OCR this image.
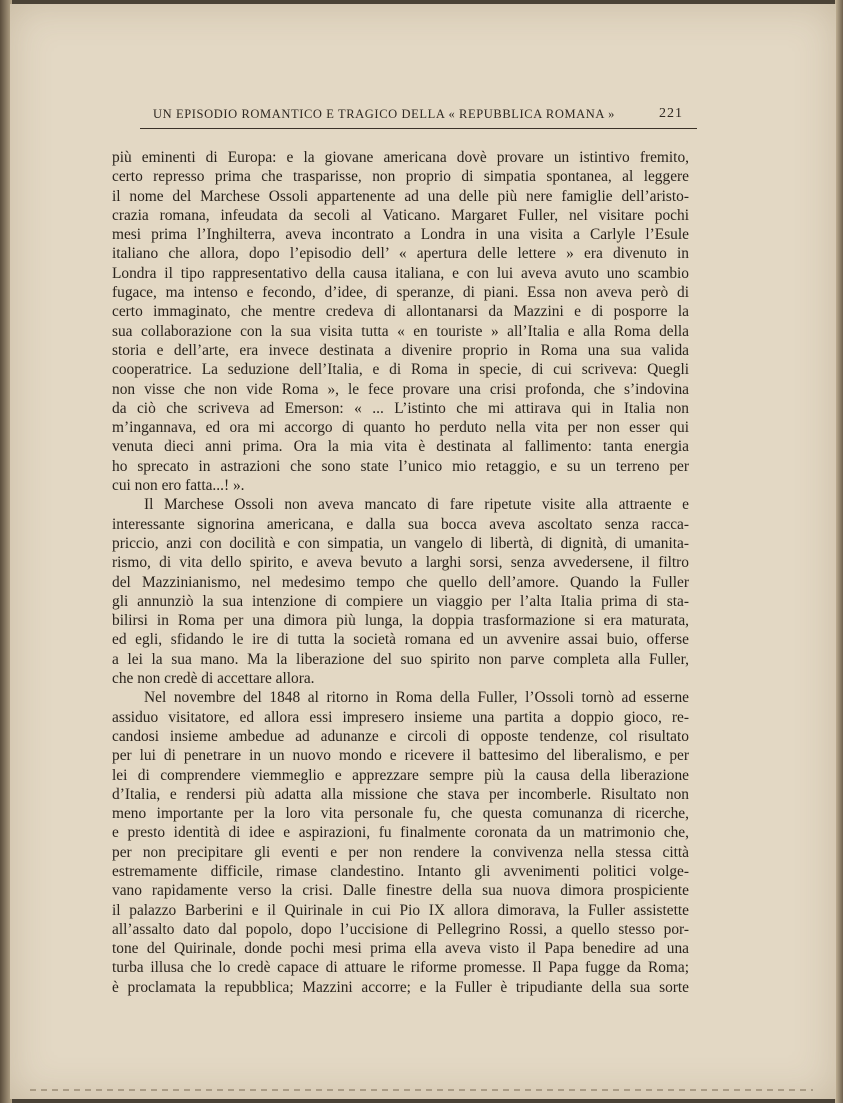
UN EPISODIO ROMANTICO E TRAGICO DELLA « REPUBBLICA ROMANA »	221
più eminenti di Europa: e la giovane americana dovè provare un istintivo fremito,
certo represso prima che trasparisse, non proprio di simpatia spontanea, al leggere
il nome del Marchese Ossoli appartenente ad una delle più nere famiglie dell’aristo-
crazia romana, infeudata da secoli al Vaticano. Margaret Fuller, nel visitare pochi
mesi prima l’Inghilterra, aveva incontrato a Londra in una visita a Carlyle l’Esule
italiano che allora, dopo l’episodio dell’ « apertura delle lettere » era divenuto in
Londra il tipo rappresentativo della causa italiana, e con lui aveva avuto uno scambio
fugace, ma intenso e fecondo, d’idee, di speranze, di piani. Essa non aveva però di
certo immaginato, che mentre credeva di allontanarsi da Mazzini e di posporre la
sua collaborazione con la sua visita tutta « en touriste » all’Italia e alla Roma della
storia e dell’arte, era invece destinata a divenire proprio in Roma una sua valida
cooperatrice. La seduzione dell’Italia, e di Roma in specie, di cui scriveva: Quegli
non visse che non vide Roma », le fece provare una crisi profonda, che s’indovina
da ciò che scriveva ad Emerson: « ... L’istinto che mi attirava qui in Italia non
m’ingannava, ed ora mi accorgo di quanto ho perduto nella vita per non esser qui
venuta dieci anni prima. Ora la mia vita è destinata al fallimento: tanta energia
ho sprecato in astrazioni che sono state l’unico mio retaggio, e su un terreno per
cui non ero fatta...! ».
Il Marchese Ossoli non aveva mancato di fare ripetute visite alla attraente e
interessante signorina americana, e dalla sua bocca aveva ascoltato senza racca-
priccio, anzi con docilità e con simpatia, un vangelo di libertà, di dignità, di umanita-
rismo, di vita dello spirito, e aveva bevuto a larghi sorsi, senza avvedersene, il filtro
del Mazzinianismo, nel medesimo tempo che quello dell’amore. Quando la Fuller
gli annunziò la sua intenzione di compiere un viaggio per l’alta Italia prima di sta-
bilirsi in Roma per una dimora più lunga, la doppia trasformazione si era maturata,
ed egli, sfidando le ire di tutta la società romana ed un avvenire assai buio, offerse
a lei la sua mano. Ma la liberazione del suo spirito non parve completa alla Fuller,
che non credè di accettare allora.
Nel novembre del 1848 al ritorno in Roma della Fuller, l’Ossoli tornò ad esserne
assiduo visitatore, ed allora essi impresero insieme una partita a doppio gioco, re-
candosi insieme ambedue ad adunanze e circoli di opposte tendenze, col risultato
per lui di penetrare in un nuovo mondo e ricevere il battesimo del liberalismo, e per
lei di comprendere viemmeglio e apprezzare sempre più la causa della liberazione
d’Italia, e rendersi più adatta alla missione che stava per incomberle. Risultato non
meno importante per la loro vita personale fu, che questa comunanza di ricerche,
e presto identità di idee e aspirazioni, fu finalmente coronata da un matrimonio che,
per non precipitare gli eventi e per non rendere la convivenza nella stessa città
estremamente difficile, rimase clandestino. Intanto gli avvenimenti politici volge-
vano rapidamente verso la crisi. Dalle finestre della sua nuova dimora prospiciente
il palazzo Barberini e il Quirinale in cui Pio IX allora dimorava, la Fuller assistette
all’assalto dato dal popolo, dopo l’uccisione di Pellegrino Rossi, a quello stesso por-
tone del Quirinale, donde pochi mesi prima ella aveva visto il Papa benedire ad una
turba illusa che lo credè capace di attuare le riforme promesse. Il Papa fugge da Roma;
è proclamata la repubblica; Mazzini accorre; e la Fuller è tripudiante della sua sorte
